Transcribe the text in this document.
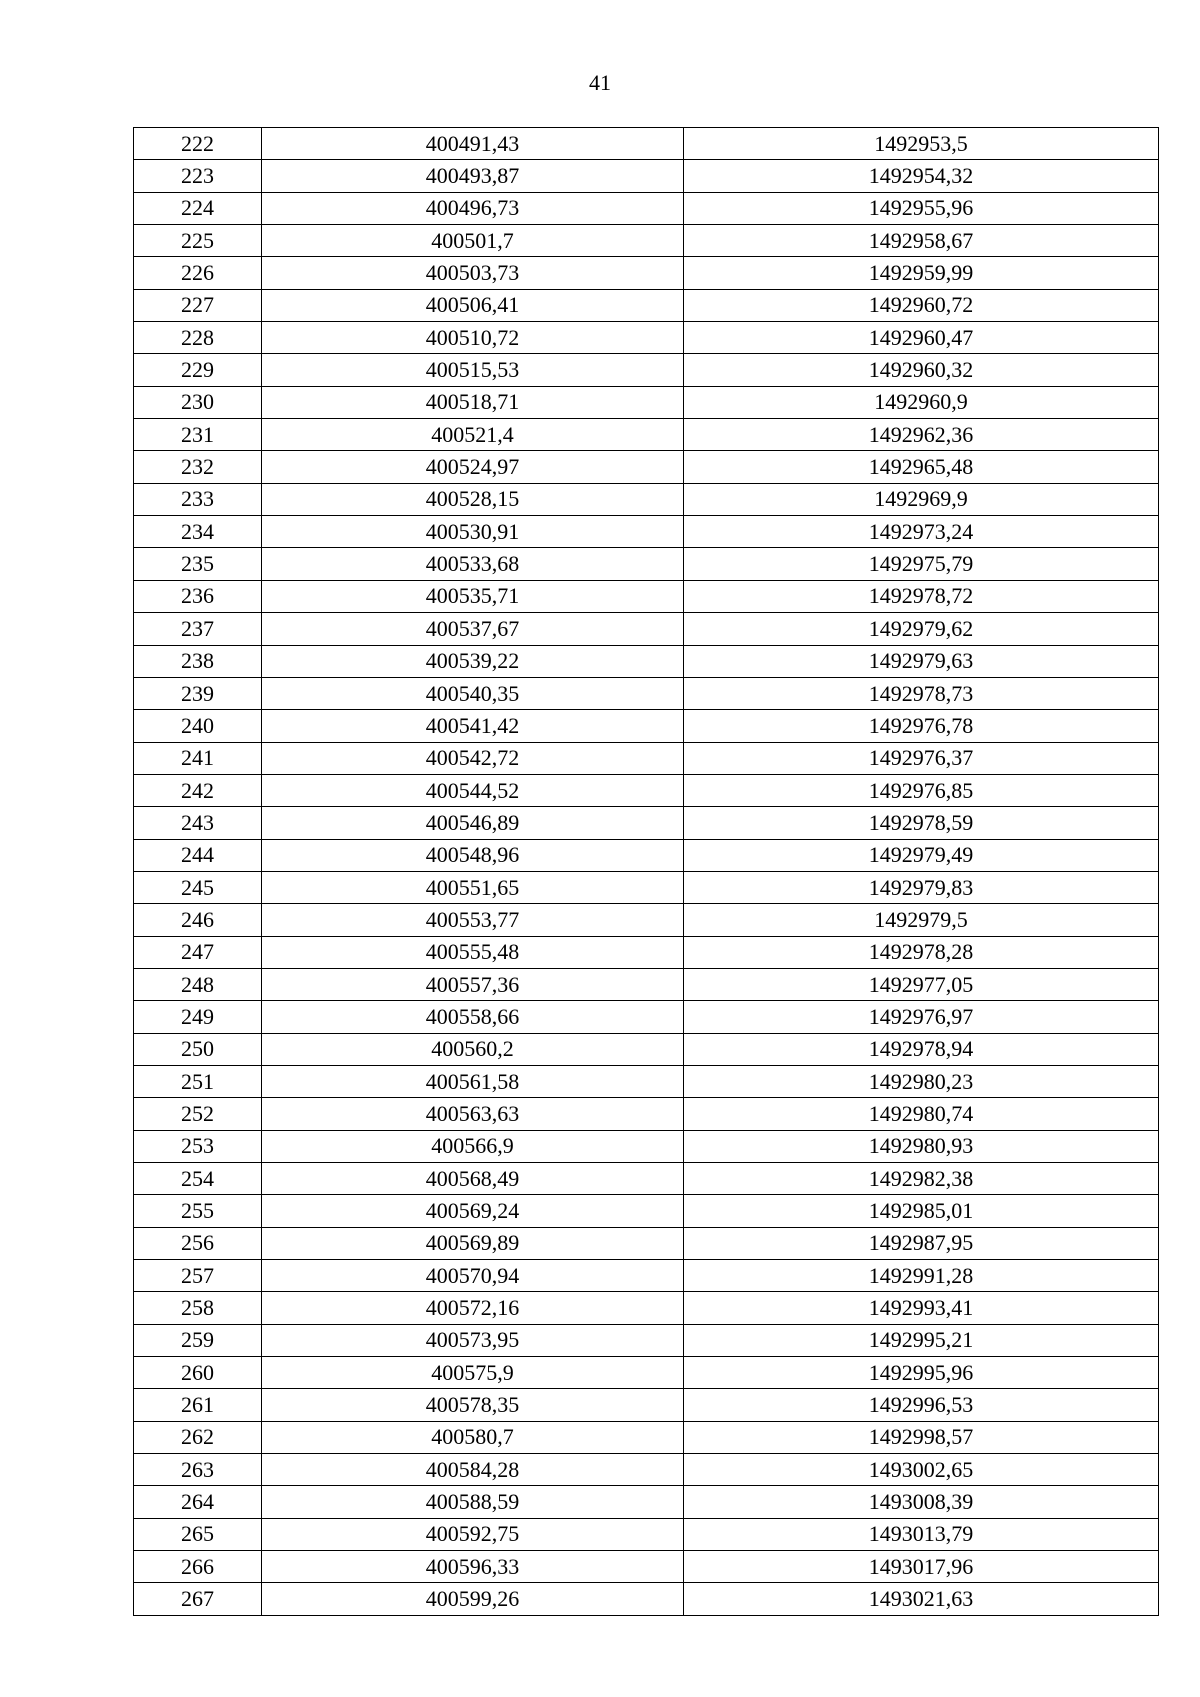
41
222	400491,43	1492953,5
223	400493,87	1492954,32
224	400496,73	1492955,96
225	400501,7	1492958,67
226	400503,73	1492959,99
227	400506,41	1492960,72
228	400510,72	1492960,47
229	400515,53	1492960,32
230	400518,71	1492960,9
231	400521,4	1492962,36
232	400524,97	1492965,48
233	400528,15	1492969,9
234	400530,91	1492973,24
235	400533,68	1492975,79
236	400535,71	1492978,72
237	400537,67	1492979,62
238	400539,22	1492979,63
239	400540,35	1492978,73
240	400541,42	1492976,78
241	400542,72	1492976,37
242	400544,52	1492976,85
243	400546,89	1492978,59
244	400548,96	1492979,49
245	400551,65	1492979,83
246	400553,77	1492979,5
247	400555,48	1492978,28
248	400557,36	1492977,05
249	400558,66	1492976,97
250	400560,2	1492978,94
251	400561,58	1492980,23
252	400563,63	1492980,74
253	400566,9	1492980,93
254	400568,49	1492982,38
255	400569,24	1492985,01
256	400569,89	1492987,95
257	400570,94	1492991,28
258	400572,16	1492993,41
259	400573,95	1492995,21
260	400575,9	1492995,96
261	400578,35	1492996,53
262	400580,7	1492998,57
263	400584,28	1493002,65
264	400588,59	1493008,39
265	400592,75	1493013,79
266	400596,33	1493017,96
267	400599,26	1493021,63
